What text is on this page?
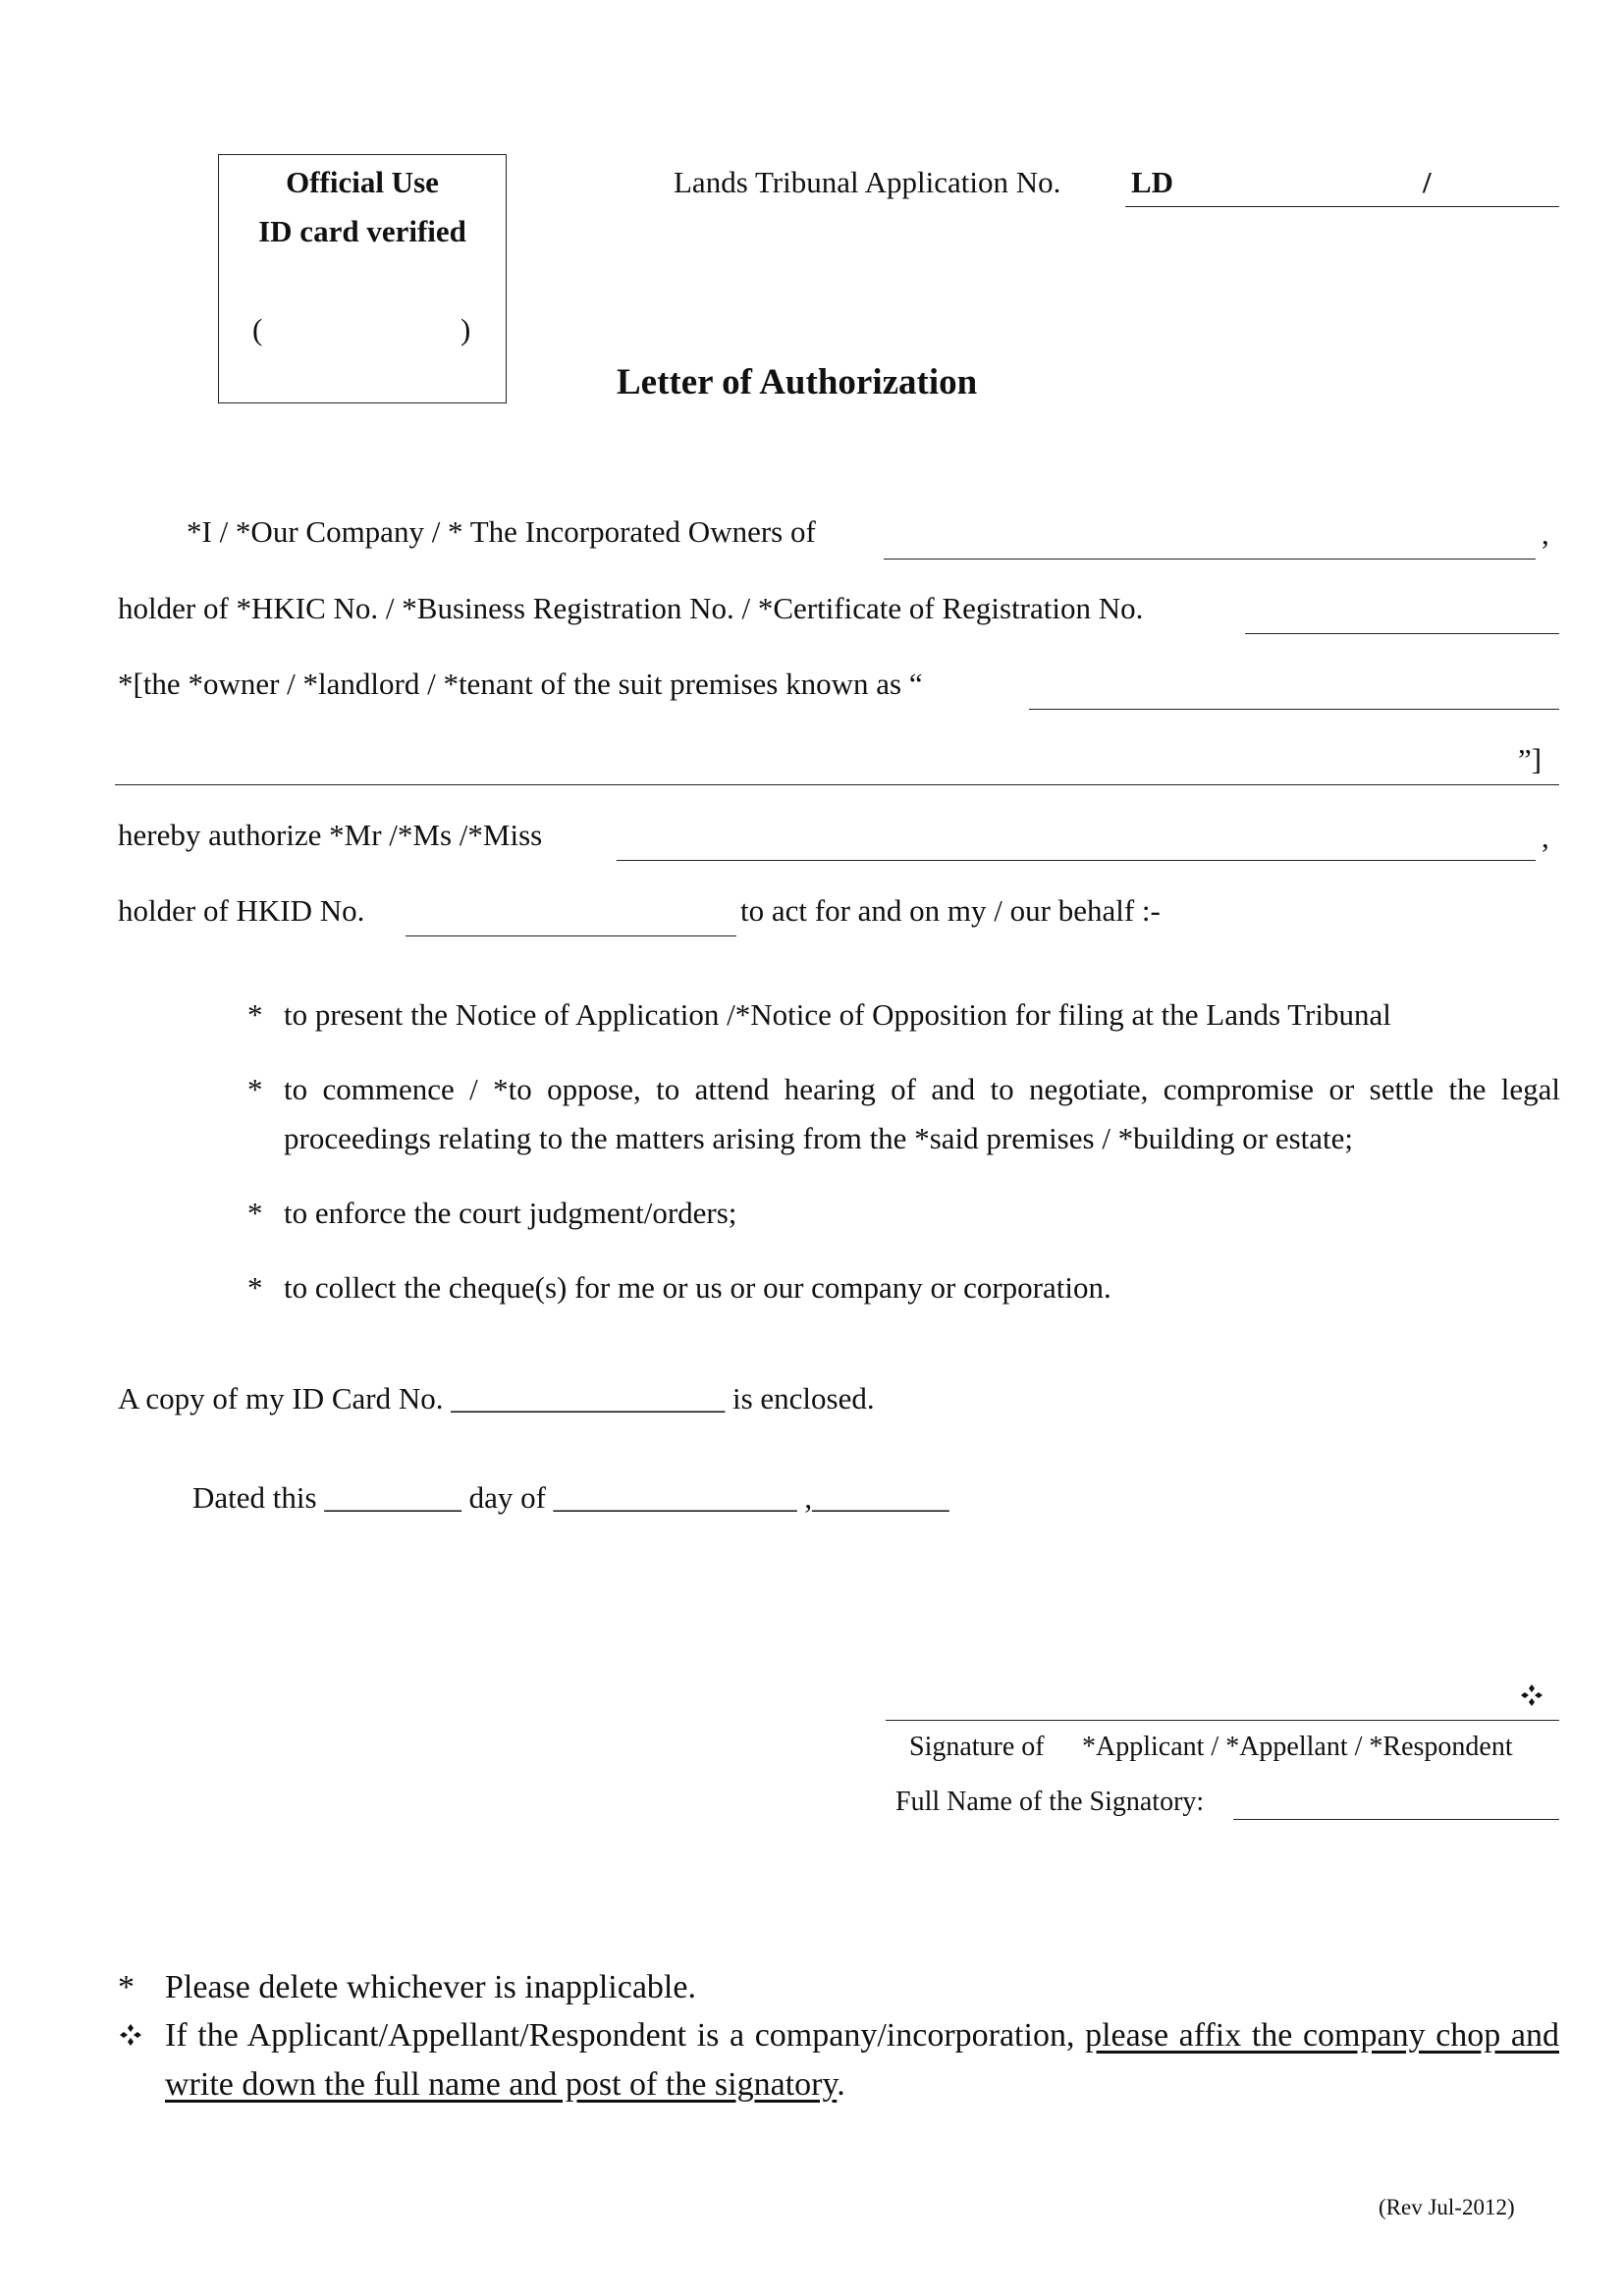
Official Use
ID card verified
(	)
Lands Tribunal Application No. LD	/
Letter of Authorization
*I / *Our Company / * The Incorporated Owners of	,
holder of *HKIC No. / *Business Registration No. / *Certificate of Registration No.
*[the *owner / *landlord / *tenant of the suit premises known as “
”]
hereby authorize *Mr /*Ms /*Miss	,
holder of HKID No.	to act for and on my / our behalf :-
* to present the Notice of Application /*Notice of Opposition for filing at the Lands Tribunal
* to commence / *to oppose, to attend hearing of and to negotiate, compromise or settle the legal proceedings relating to the matters arising from the *said premises / *building or estate;
* to enforce the court judgment/orders;
* to collect the cheque(s) for me or us or our company or corporation.
A copy of my ID Card No. __________________ is enclosed.
Dated this _________ day of ________________ ,_________
Signature of *Applicant / *Appellant / *Respondent
Full Name of the Signatory:
* Please delete whichever is inapplicable.
If the Applicant/Appellant/Respondent is a company/incorporation, please affix the company chop and write down the full name and post of the signatory.
(Rev Jul-2012)
